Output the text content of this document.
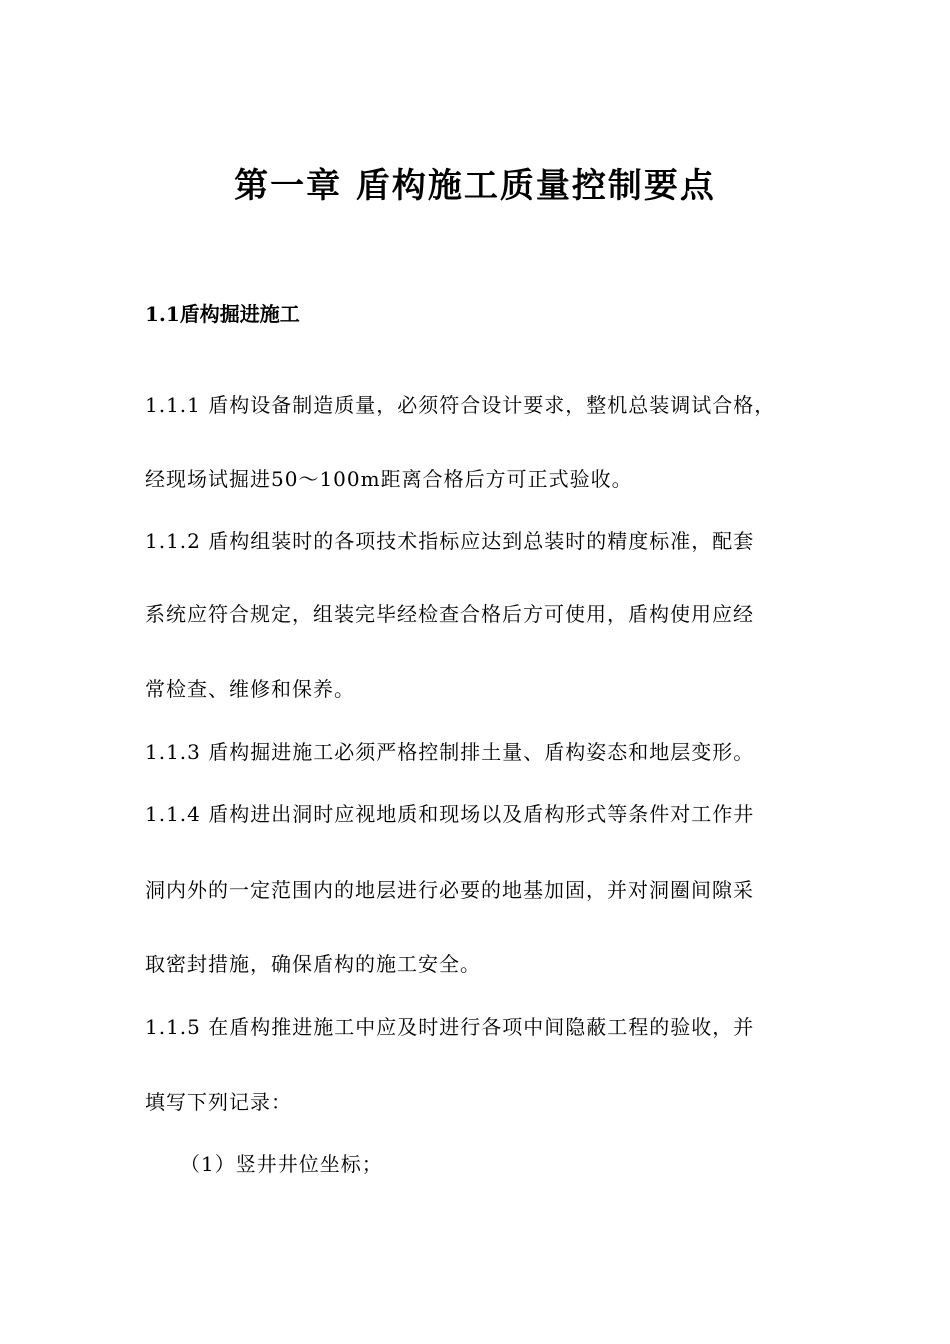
第一章 盾构施工质量控制要点
1.1盾构掘进施工
1.1.1 盾构设备制造质量，必须符合设计要求，整机总装调试合格，
经现场试掘进50～100m距离合格后方可正式验收。
1.1.2 盾构组装时的各项技术指标应达到总装时的精度标准，配套
系统应符合规定，组装完毕经检查合格后方可使用，盾构使用应经
常检查、维修和保养。
1.1.3 盾构掘进施工必须严格控制排土量、盾构姿态和地层变形。
1.1.4 盾构进出洞时应视地质和现场以及盾构形式等条件对工作井
洞内外的一定范围内的地层进行必要的地基加固，并对洞圈间隙采
取密封措施，确保盾构的施工安全。
1.1.5 在盾构推进施工中应及时进行各项中间隐蔽工程的验收，并
填写下列记录：
（1）竖井井位坐标；
